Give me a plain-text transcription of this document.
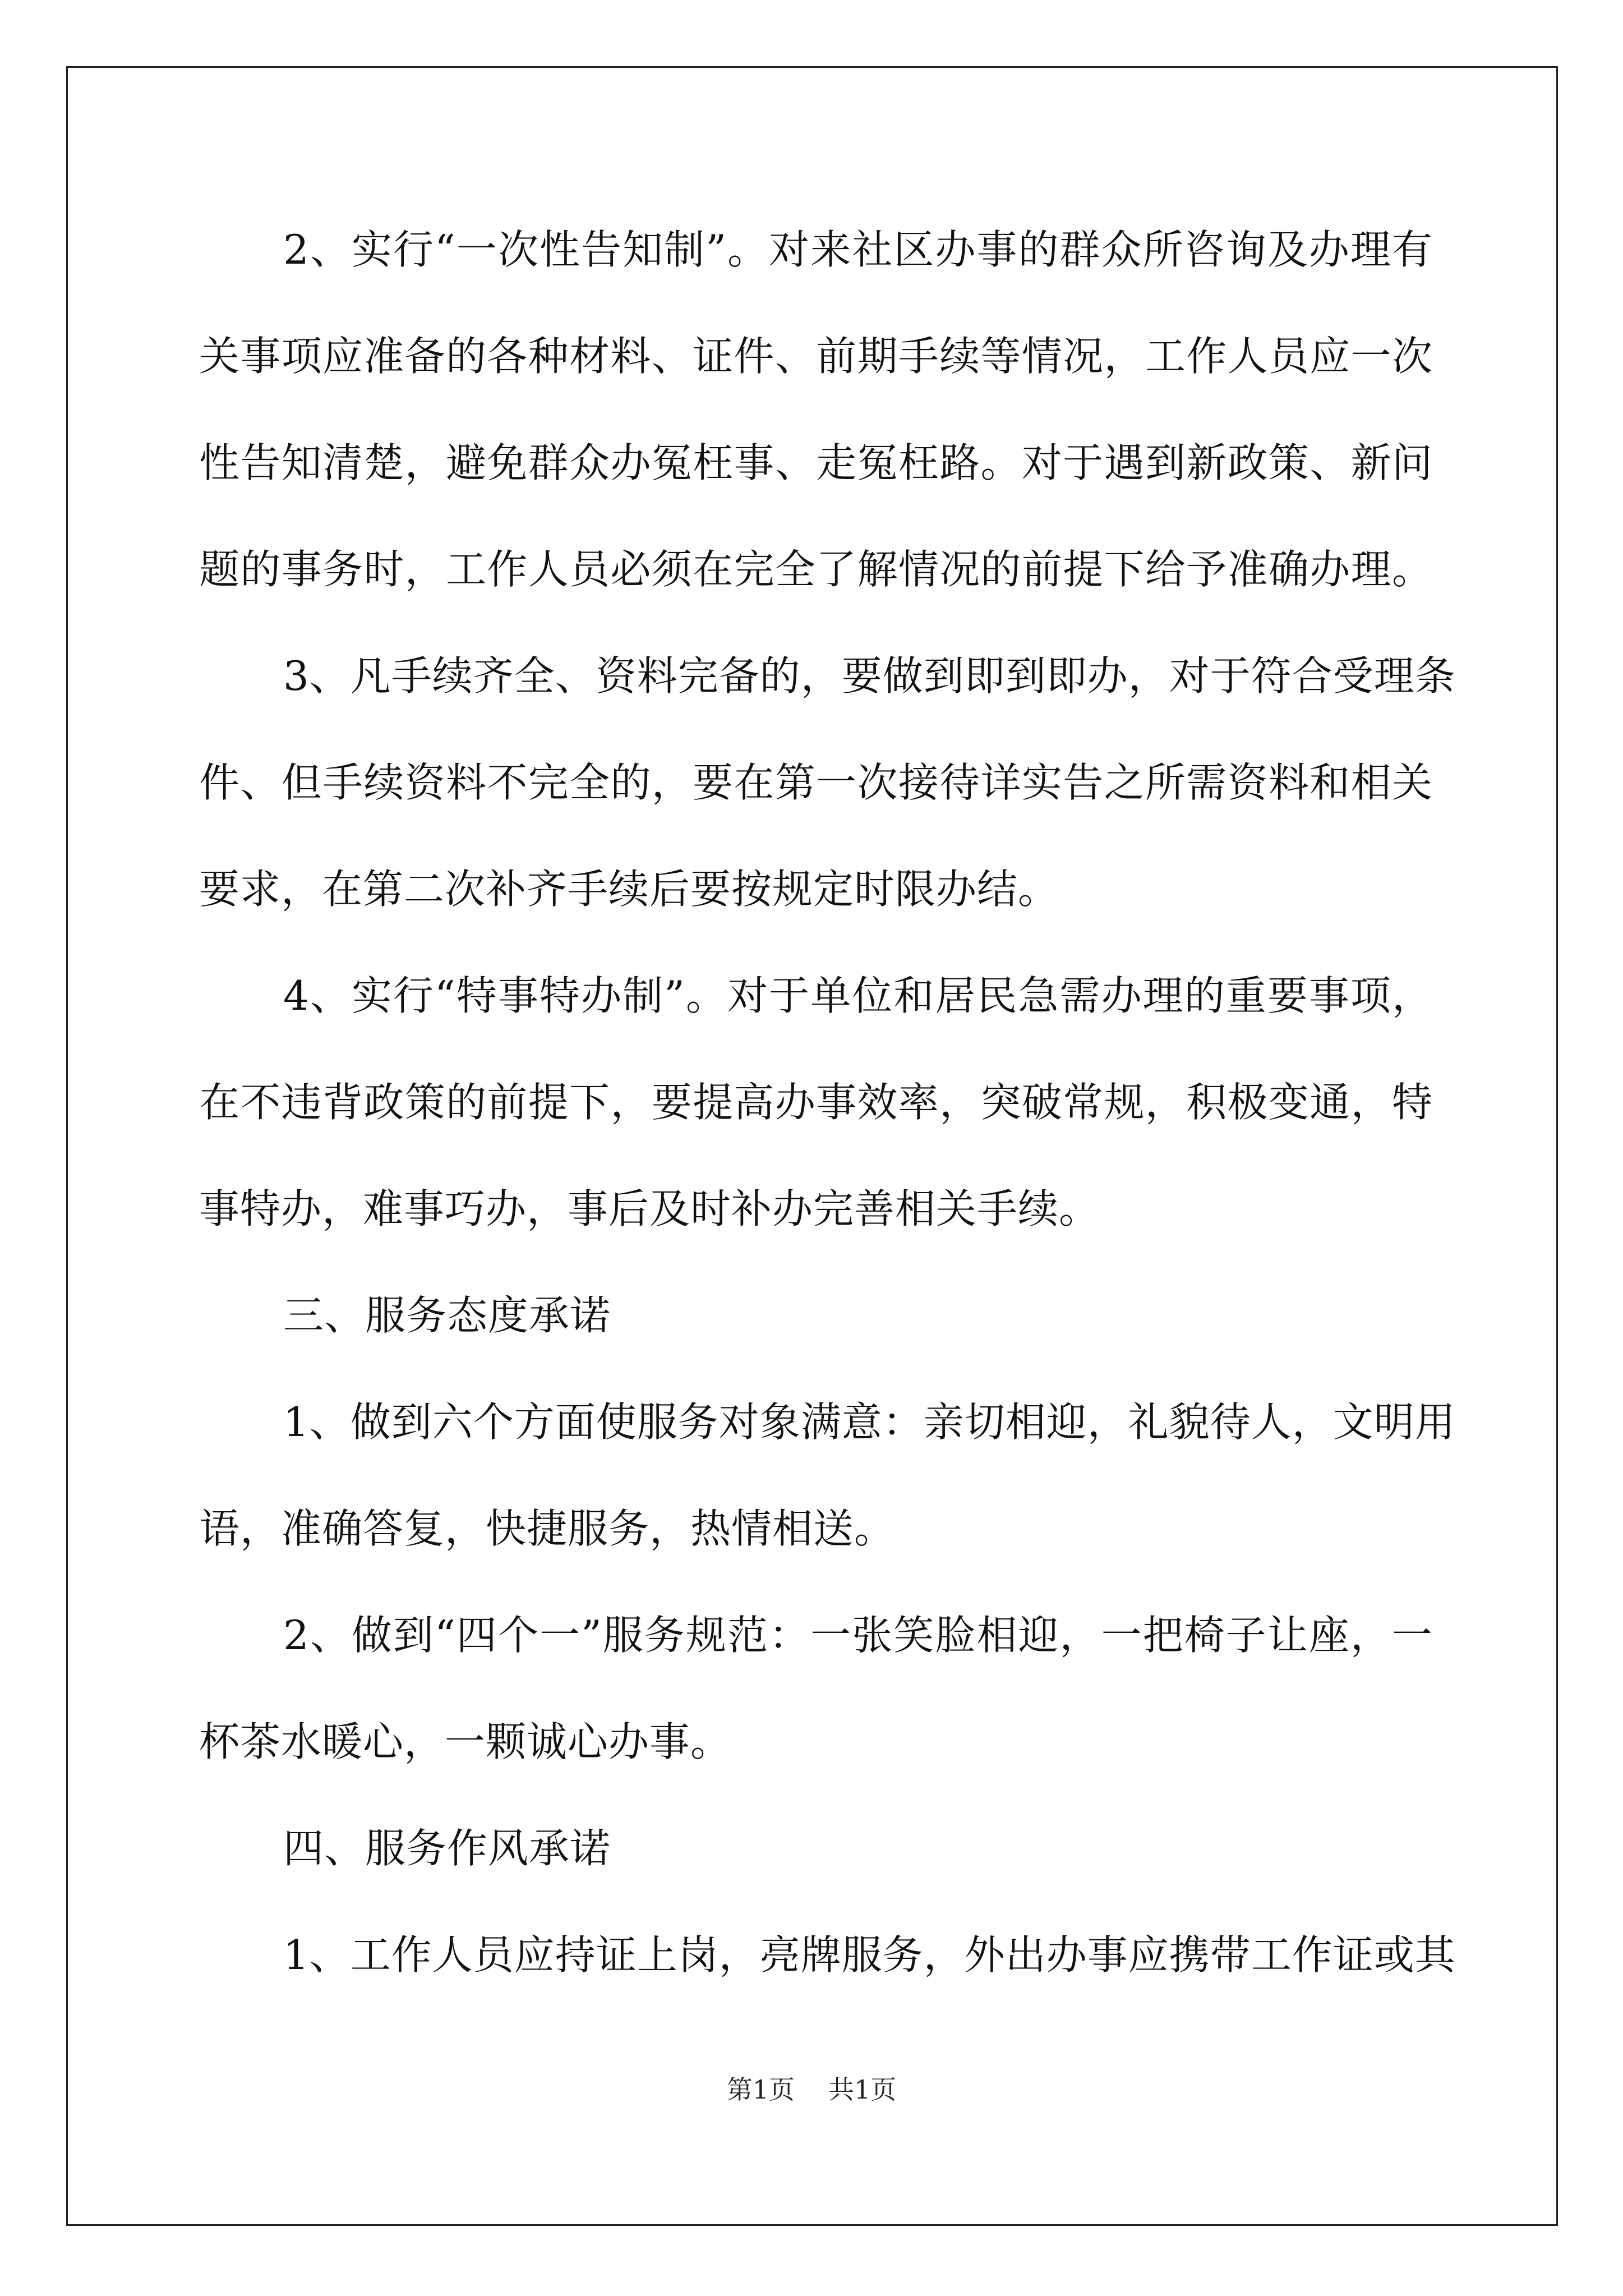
2、实行“一次性告知制”。对来社区办事的群众所咨询及办理有
关事项应准备的各种材料、证件、前期手续等情况，工作人员应一次
性告知清楚，避免群众办冤枉事、走冤枉路。对于遇到新政策、新问
题的事务时，工作人员必须在完全了解情况的前提下给予准确办理。
3、凡手续齐全、资料完备的，要做到即到即办，对于符合受理条
件、但手续资料不完全的，要在第一次接待详实告之所需资料和相关
要求，在第二次补齐手续后要按规定时限办结。
4、实行“特事特办制”。对于单位和居民急需办理的重要事项，
在不违背政策的前提下，要提高办事效率，突破常规，积极变通，特
事特办，难事巧办，事后及时补办完善相关手续。
三、服务态度承诺
1、做到六个方面使服务对象满意：亲切相迎，礼貌待人，文明用
语，准确答复，快捷服务，热情相送。
2、做到“四个一”服务规范：一张笑脸相迎，一把椅子让座，一
杯茶水暖心，一颗诚心办事。
四、服务作风承诺
1、工作人员应持证上岗，亮牌服务，外出办事应携带工作证或其
第1页 共1页
